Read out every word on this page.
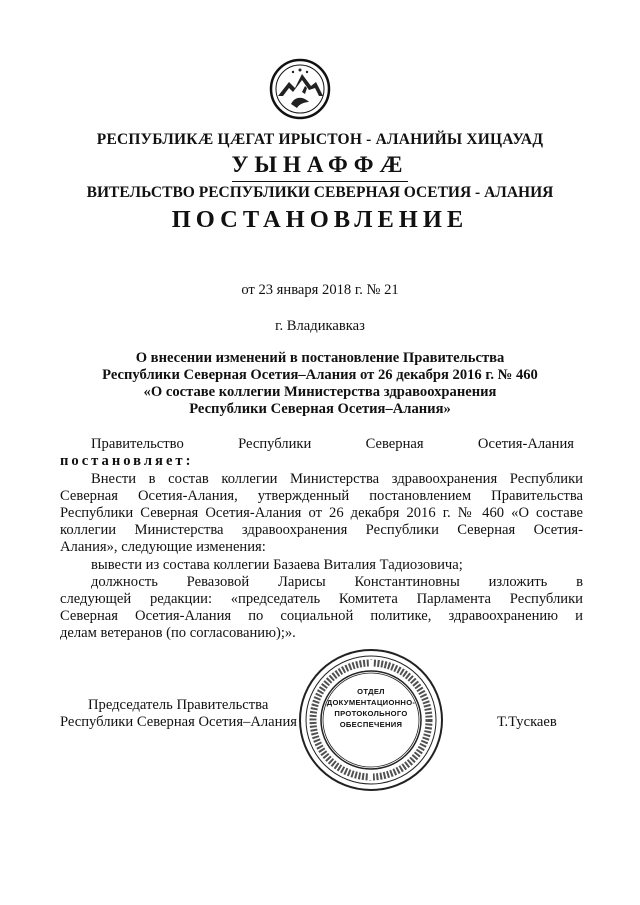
РЕСПУБЛИКӔ ЦӔГАТ ИРЫСТОН - АЛАНИЙЫ ХИЦАУАД
УЫНАФФӔ
ВИТЕЛЬСТВО РЕСПУБЛИКИ СЕВЕРНАЯ ОСЕТИЯ - АЛАНИЯ
ПОСТАНОВЛЕНИЕ
от 23 января 2018 г. № 21
г. Владикавказ
О внесении изменений в постановление Правительства
Республики Северная Осетия–Алания от 26 декабря 2016 г. № 460
«О составе коллегии Министерства здравоохранения
Республики Северная Осетия–Алания»
Правительство	Республики	Северная	Осетия-Алания
постановляет:
Внести в состав коллегии Министерства здравоохранения Республики
Северная Осетия-Алания, утвержденный постановлением Правительства
Республики Северная Осетия-Алания от 26 декабря 2016 г. № 460 «О составе
коллегии Министерства здравоохранения Республики Северная Осетия-
Алания», следующие изменения:
вывести из состава коллегии Базаева Виталия Тадиозовича;
должность Ревазовой Ларисы Константиновны изложить в
следующей редакции: «председатель Комитета Парламента Республики
Северная Осетия-Алания по социальной политике, здравоохранению и
делам ветеранов (по согласованию);».
Председатель Правительства
Республики Северная Осетия–Алания	Т.Тускаев
ОТДЕЛ
ДОКУМЕНТАЦИОННО-
ПРОТОКОЛЬНОГО
ОБЕСПЕЧЕНИЯ
